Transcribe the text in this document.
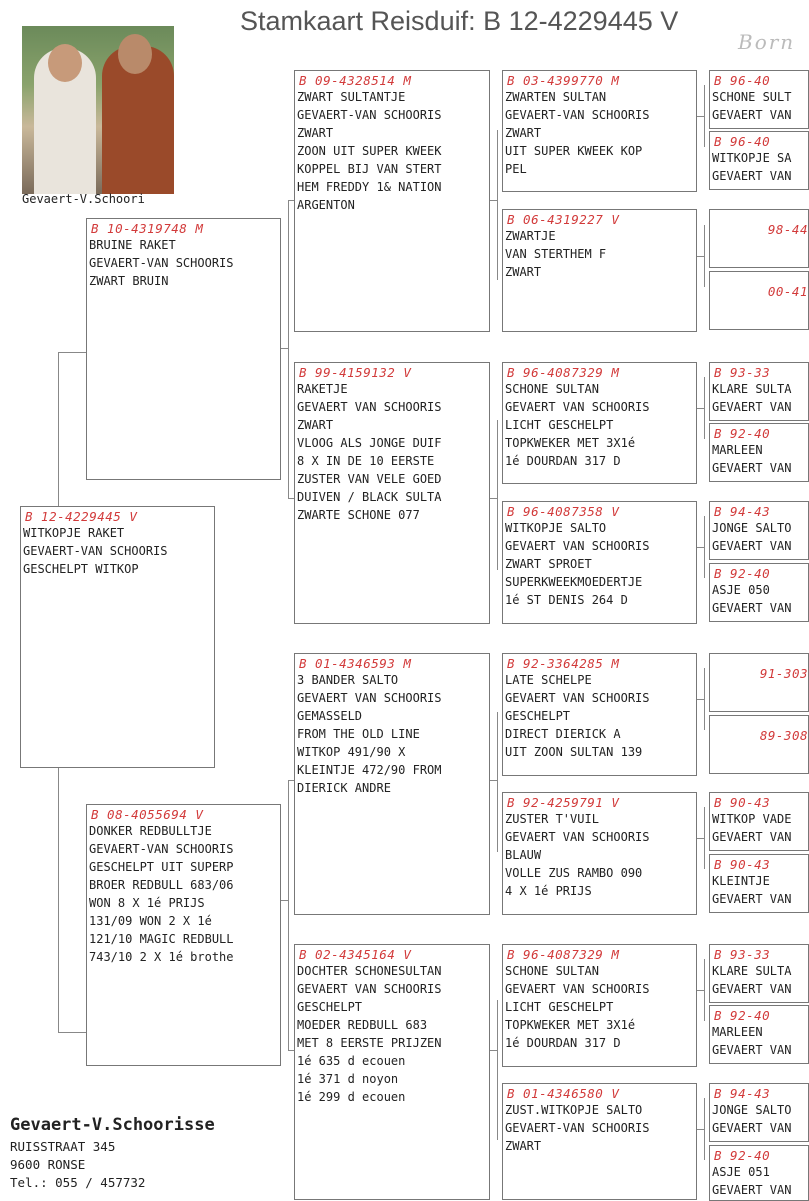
Stamkaart Reisduif: B 12-4229445 V
Born
Gevaert-V.Schoori
B 12-4229445 V
WITKOPJE RAKET
GEVAERT-VAN SCHOORIS
GESCHELPT WITKOP
B 10-4319748 M
BRUINE RAKET
GEVAERT-VAN SCHOORIS
ZWART BRUIN
B 08-4055694 V
DONKER REDBULLTJE
GEVAERT-VAN SCHOORIS
GESCHELPT UIT SUPERP
BROER REDBULL 683/06
WON 8 X 1é PRIJS
131/09 WON 2 X 1é
121/10 MAGIC REDBULL
743/10 2 X 1é brothe
B 09-4328514 M
ZWART SULTANTJE
GEVAERT-VAN SCHOORIS
ZWART
ZOON UIT SUPER KWEEK
KOPPEL BIJ VAN STERT
HEM FREDDY 1& NATION
ARGENTON
B 99-4159132 V
RAKETJE
GEVAERT VAN SCHOORIS
ZWART
VLOOG ALS JONGE DUIF
8 X IN DE 10 EERSTE
ZUSTER VAN VELE GOED
DUIVEN / BLACK SULTA
ZWARTE SCHONE 077
B 01-4346593 M
3 BANDER SALTO
GEVAERT VAN SCHOORIS
GEMASSELD
FROM THE OLD LINE
WITKOP 491/90 X
KLEINTJE 472/90 FROM
DIERICK ANDRE
B 02-4345164 V
DOCHTER SCHONESULTAN
GEVAERT VAN SCHOORIS
GESCHELPT
MOEDER REDBULL 683
MET 8 EERSTE PRIJZEN
1é 635 d ecouen
1é 371 d noyon
1é 299 d ecouen
B 03-4399770 M
ZWARTEN SULTAN
GEVAERT-VAN SCHOORIS
ZWART
UIT SUPER KWEEK KOP
PEL
B 06-4319227 V
ZWARTJE
VAN STERTHEM F
ZWART
B 96-4087329 M
SCHONE SULTAN
GEVAERT VAN SCHOORIS
LICHT GESCHELPT
TOPKWEKER MET 3X1é
1é DOURDAN 317 D
B 96-4087358 V
WITKOPJE SALTO
GEVAERT VAN SCHOORIS
ZWART SPROET
SUPERKWEEKMOEDERTJE
1é ST DENIS 264 D
B 92-3364285 M
LATE SCHELPE
GEVAERT VAN SCHOORIS
GESCHELPT
DIRECT DIERICK A
UIT ZOON SULTAN 139
B 92-4259791 V
ZUSTER T'VUIL
GEVAERT VAN SCHOORIS
BLAUW
VOLLE ZUS RAMBO 090
4 X 1é PRIJS
B 96-4087329 M
SCHONE SULTAN
GEVAERT VAN SCHOORIS
LICHT GESCHELPT
TOPKWEKER MET 3X1é
1é DOURDAN 317 D
B 01-4346580 V
ZUST.WITKOPJE SALTO
GEVAERT-VAN SCHOORIS
ZWART
B 96-40
SCHONE SULT
GEVAERT VAN
B 96-40
WITKOPJE SA
GEVAERT VAN
98-44
00-41
B 93-33
KLARE SULTA
GEVAERT VAN
B 92-40
MARLEEN
GEVAERT VAN
B 94-43
JONGE SALTO
GEVAERT VAN
B 92-40
ASJE 050
GEVAERT VAN
91-303
89-308
B 90-43
WITKOP VADE
GEVAERT VAN
B 90-43
KLEINTJE
GEVAERT VAN
B 93-33
KLARE SULTA
GEVAERT VAN
B 92-40
MARLEEN
GEVAERT VAN
B 94-43
JONGE SALTO
GEVAERT VAN
B 92-40
ASJE 051
GEVAERT VAN
Gevaert-V.Schoorisse
RUISSTRAAT 345
9600 RONSE
Tel.: 055 / 457732
